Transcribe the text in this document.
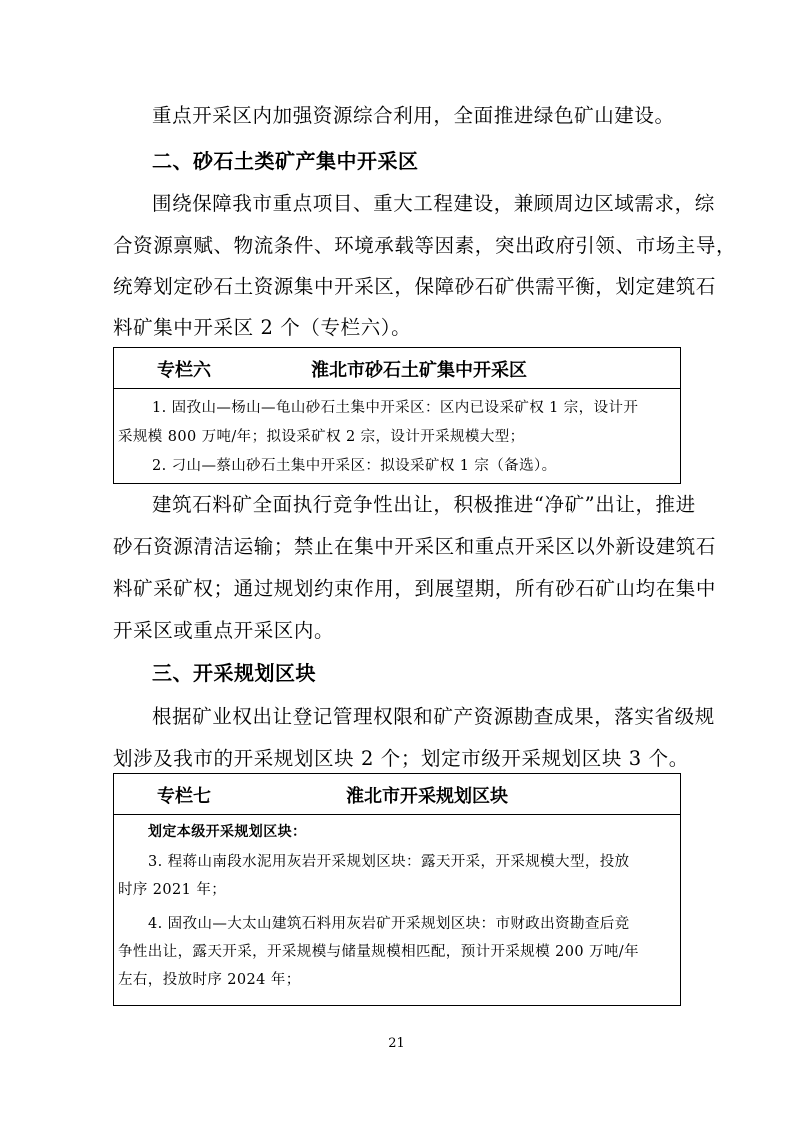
重点开采区内加强资源综合利用，全面推进绿色矿山建设。
二、砂石土类矿产集中开采区
围绕保障我市重点项目、重大工程建设，兼顾周边区域需求，综
合资源禀赋、物流条件、环境承载等因素，突出政府引领、市场主导，
统筹划定砂石土资源集中开采区，保障砂石矿供需平衡，划定建筑石
料矿集中开采区 2 个（专栏六）。
专栏六	淮北市砂石土矿集中开采区
1. 固孜山—杨山—龟山砂石土集中开采区：区内已设采矿权 1 宗，设计开
采规模 800 万吨/年；拟设采矿权 2 宗，设计开采规模大型；
2. 刁山—蔡山砂石土集中开采区：拟设采矿权 1 宗（备选）。
建筑石料矿全面执行竞争性出让，积极推进“净矿”出让，推进
砂石资源清洁运输；禁止在集中开采区和重点开采区以外新设建筑石
料矿采矿权；通过规划约束作用，到展望期，所有砂石矿山均在集中
开采区或重点开采区内。
三、开采规划区块
根据矿业权出让登记管理权限和矿产资源勘查成果，落实省级规
划涉及我市的开采规划区块 2 个；划定市级开采规划区块 3 个。
专栏七	淮北市开采规划区块
划定本级开采规划区块：
3. 程蒋山南段水泥用灰岩开采规划区块：露天开采，开采规模大型，投放
时序 2021 年；
4. 固孜山—大太山建筑石料用灰岩矿开采规划区块：市财政出资勘查后竞
争性出让，露天开采，开采规模与储量规模相匹配，预计开采规模 200 万吨/年
左右，投放时序 2024 年；
21
